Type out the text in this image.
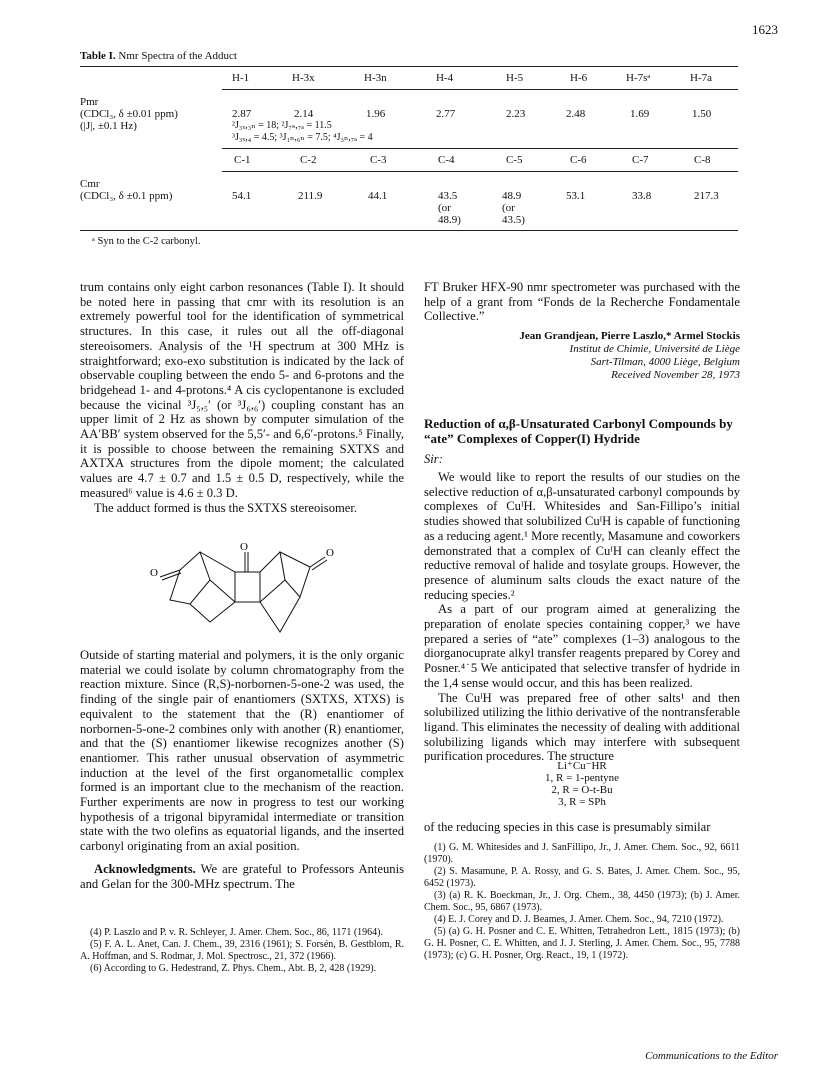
1623
Table I. Nmr Spectra of the Adduct
H-1	H-3x	H-3n	H-4	H-5	H-6	H-7sᵃ	H-7a
Pmr
(CDCl₃, δ ±0.01 ppm)
(|J|, ±0.1 Hz)
2.87	2.14	1.96	2.77	2.23	2.48	1.69	1.50
²J₃ₓ,₃ₙ = 18; ²J₇ₛ,₇ₐ = 11.5
³J₃ₓ,₄ = 4.5; ³J₁ₙ,₆ₙ = 7.5; ⁴J₃ₙ,₇ₐ = 4
C-1	C-2	C-3	C-4	C-5	C-6	C-7	C-8
Cmr
(CDCl₃, δ ±0.1 ppm)	54.1	211.9	44.1	43.5	48.9	53.1	33.8	217.3
(or
48.9)
(or
43.5)
ᵃ Syn to the C-2 carbonyl.

trum contains only eight carbon resonances (Table I). It should be noted here in passing that cmr with its resolution is an extremely powerful tool for the identification of symmetrical structures. In this case, it rules out all the off-diagonal stereoisomers. Analysis of the ¹H spectrum at 300 MHz is straightforward; exo-exo substitution is indicated by the lack of observable coupling between the endo 5- and 6-protons and the bridgehead 1- and 4-protons.⁴ A cis cyclopentanone is excluded because the vicinal ³J₅,₅′ (or ³J₆,₆′) coupling constant has an upper limit of 2 Hz as shown by computer simulation of the AA′BB′ system observed for the 5,5′- and 6,6′-protons.⁵ Finally, it is possible to choose between the remaining SXTXS and AXTXA structures from the dipole moment; the calculated values are 4.7 ± 0.7 and 1.5 ± 0.5 D, respectively, while the measured⁶ value is 4.6 ± 0.3 D.

The adduct formed is thus the SXTXS stereoisomer.

O
O
O

Outside of starting material and polymers, it is the only organic material we could isolate by column chromatography from the reaction mixture. Since (R,S)-norbornen-5-one-2 was used, the finding of the single pair of enantiomers (SXTXS, XTXS) is equivalent to the statement that the (R) enantiomer of norbornen-5-one-2 combines only with another (R) enantiomer, and that the (S) enantiomer likewise recognizes another (S) enantiomer. This rather unusual observation of asymmetric induction at the level of the first organometallic complex formed is an important clue to the mechanism of the reaction. Further experiments are now in progress to test our working hypothesis of a trigonal bipyramidal intermediate or transition state with the two olefins as equatorial ligands, and the inserted carbonyl originating from an axial position.

Acknowledgments. We are grateful to Professors Anteunis and Gelan for the 300-MHz spectrum. The

(4) P. Laszlo and P. v. R. Schleyer, J. Amer. Chem. Soc., 86, 1171 (1964).

(5) F. A. L. Anet, Can. J. Chem., 39, 2316 (1961); S. Forsén, B. Gestblom, R. A. Hoffman, and S. Rodmar, J. Mol. Spectrosc., 21, 372 (1966).

(6) According to G. Hedestrand, Z. Phys. Chem., Abt. B, 2, 428 (1929).

FT Bruker HFX-90 nmr spectrometer was purchased with the help of a grant from “Fonds de la Recherche Fondamentale Collective.”

Jean Grandjean, Pierre Laszlo,* Armel Stockis
Institut de Chimie, Université de Liège
Sart-Tilman, 4000 Liège, Belgium
Received November 28, 1973
Reduction of α,β-Unsaturated Carbonyl Compounds by “ate” Complexes of Copper(I) Hydride
Sir:

We would like to report the results of our studies on the selective reduction of α,β-unsaturated carbonyl compounds by complexes of CuᴵH. Whitesides and San-Fillipo’s initial studies showed that solubilized CuᴵH is capable of functioning as a reducing agent.¹ More recently, Masamune and coworkers demonstrated that a complex of CuᴵH can cleanly effect the reductive removal of halide and tosylate groups. However, the presence of aluminum salts clouds the exact nature of the reducing species.²

As a part of our program aimed at generalizing the preparation of enolate species containing copper,³ we have prepared a series of “ate” complexes (1–3) analogous to the diorganocuprate alkyl transfer reagents prepared by Corey and Posner.⁴˙5 We anticipated that selective transfer of hydride in the 1,4 sense would occur, and this has been realized.

The CuᴵH was prepared free of other salts¹ and then solubilized utilizing the lithio derivative of the nontransferable ligand. This eliminates the necessity of dealing with additional solubilizing ligands which may interfere with subsequent purification procedures. The structure

Li⁺Cu⁻HR
1, R = 1-pentyne
2, R = O-t-Bu
3, R = SPh

of the reducing species in this case is presumably similar

(1) G. M. Whitesides and J. SanFillipo, Jr., J. Amer. Chem. Soc., 92, 6611 (1970).

(2) S. Masamune, P. A. Rossy, and G. S. Bates, J. Amer. Chem. Soc., 95, 6452 (1973).

(3) (a) R. K. Boeckman, Jr., J. Org. Chem., 38, 4450 (1973); (b) J. Amer. Chem. Soc., 95, 6867 (1973).

(4) E. J. Corey and D. J. Beames, J. Amer. Chem. Soc., 94, 7210 (1972).

(5) (a) G. H. Posner and C. E. Whitten, Tetrahedron Lett., 1815 (1973); (b) G. H. Posner, C. E. Whitten, and J. J. Sterling, J. Amer. Chem. Soc., 95, 7788 (1973); (c) G. H. Posner, Org. React., 19, 1 (1972).

Communications to the Editor
